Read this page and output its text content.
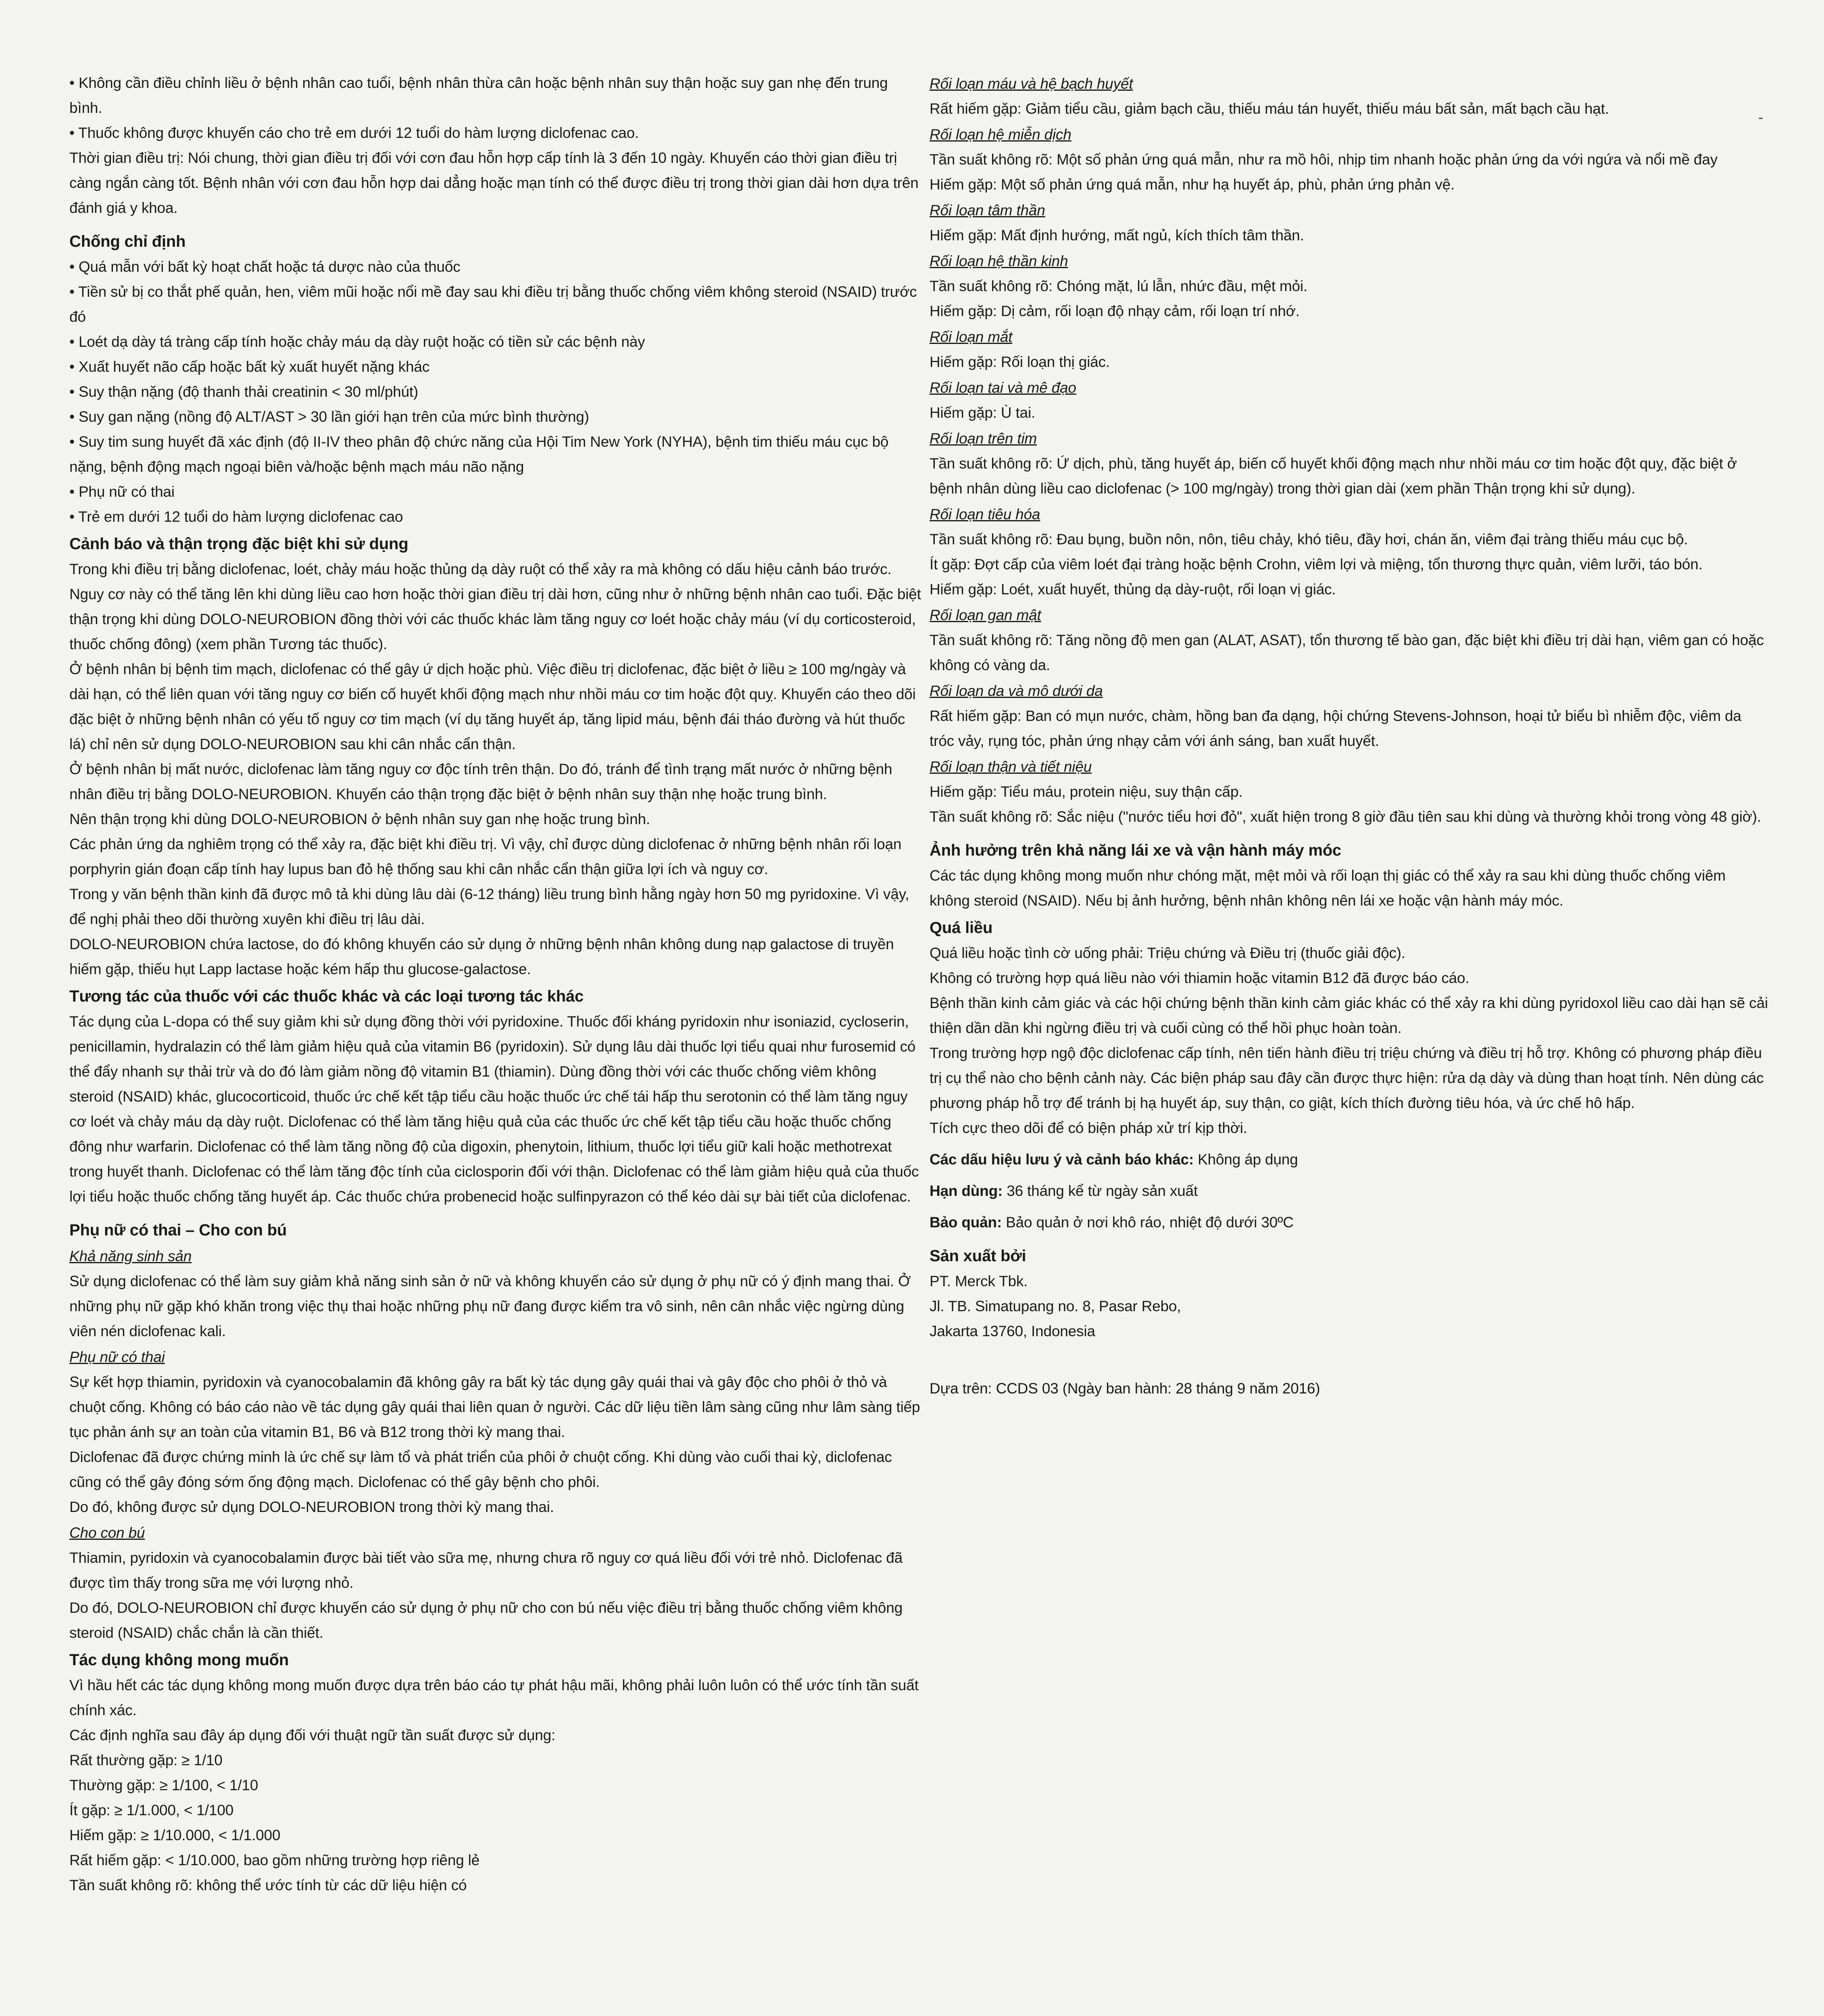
• Không cần điều chỉnh liều ở bệnh nhân cao tuổi, bệnh nhân thừa cân hoặc bệnh nhân suy thận hoặc suy gan nhẹ đến trung bình.

• Thuốc không được khuyến cáo cho trẻ em dưới 12 tuổi do hàm lượng diclofenac cao.

Thời gian điều trị: Nói chung, thời gian điều trị đối với cơn đau hỗn hợp cấp tính là 3 đến 10 ngày. Khuyến cáo thời gian điều trị càng ngắn càng tốt. Bệnh nhân với cơn đau hỗn hợp dai dẳng hoặc mạn tính có thể được điều trị trong thời gian dài hơn dựa trên đánh giá y khoa.

Chống chỉ định

• Quá mẫn với bất kỳ hoạt chất hoặc tá dược nào của thuốc

• Tiền sử bị co thắt phế quản, hen, viêm mũi hoặc nổi mề đay sau khi điều trị bằng thuốc chống viêm không steroid (NSAID) trước đó

• Loét dạ dày tá tràng cấp tính hoặc chảy máu dạ dày ruột hoặc có tiền sử các bệnh này

• Xuất huyết não cấp hoặc bất kỳ xuất huyết nặng khác

• Suy thận nặng (độ thanh thải creatinin < 30 ml/phút)

• Suy gan nặng (nồng độ ALT/AST > 30 lần giới hạn trên của mức bình thường)

• Suy tim sung huyết đã xác định (độ II-IV theo phân độ chức năng của Hội Tim New York (NYHA), bệnh tim thiếu máu cục bộ nặng, bệnh động mạch ngoại biên và/hoặc bệnh mạch máu não nặng

• Phụ nữ có thai

• Trẻ em dưới 12 tuổi do hàm lượng diclofenac cao

Cảnh báo và thận trọng đặc biệt khi sử dụng

Trong khi điều trị bằng diclofenac, loét, chảy máu hoặc thủng dạ dày ruột có thể xảy ra mà không có dấu hiệu cảnh báo trước. Nguy cơ này có thể tăng lên khi dùng liều cao hơn hoặc thời gian điều trị dài hơn, cũng như ở những bệnh nhân cao tuổi. Đặc biệt thận trọng khi dùng DOLO-NEUROBION đồng thời với các thuốc khác làm tăng nguy cơ loét hoặc chảy máu (ví dụ corticosteroid, thuốc chống đông) (xem phần Tương tác thuốc).

Ở bệnh nhân bị bệnh tim mạch, diclofenac có thể gây ứ dịch hoặc phù. Việc điều trị diclofenac, đặc biệt ở liều ≥ 100 mg/ngày và dài hạn, có thể liên quan với tăng nguy cơ biến cố huyết khối động mạch như nhồi máu cơ tim hoặc đột quỵ. Khuyến cáo theo dõi đặc biệt ở những bệnh nhân có yếu tố nguy cơ tim mạch (ví dụ tăng huyết áp, tăng lipid máu, bệnh đái tháo đường và hút thuốc lá) chỉ nên sử dụng DOLO-NEUROBION sau khi cân nhắc cẩn thận.

Ở bệnh nhân bị mất nước, diclofenac làm tăng nguy cơ độc tính trên thận. Do đó, tránh để tình trạng mất nước ở những bệnh nhân điều trị bằng DOLO-NEUROBION. Khuyến cáo thận trọng đặc biệt ở bệnh nhân suy thận nhẹ hoặc trung bình.

Nên thận trọng khi dùng DOLO-NEUROBION ở bệnh nhân suy gan nhẹ hoặc trung bình.

Các phản ứng da nghiêm trọng có thể xảy ra, đặc biệt khi điều trị. Vì vậy, chỉ được dùng diclofenac ở những bệnh nhân rối loạn porphyrin gián đoạn cấp tính hay lupus ban đỏ hệ thống sau khi cân nhắc cẩn thận giữa lợi ích và nguy cơ.

Trong y văn bệnh thần kinh đã được mô tả khi dùng lâu dài (6-12 tháng) liều trung bình hằng ngày hơn 50 mg pyridoxine. Vì vậy, để nghị phải theo dõi thường xuyên khi điều trị lâu dài.

DOLO-NEUROBION chứa lactose, do đó không khuyến cáo sử dụng ở những bệnh nhân không dung nạp galactose di truyền hiếm gặp, thiếu hụt Lapp lactase hoặc kém hấp thu glucose-galactose.

Tương tác của thuốc với các thuốc khác và các loại tương tác khác

Tác dụng của L-dopa có thể suy giảm khi sử dụng đồng thời với pyridoxine. Thuốc đối kháng pyridoxin như isoniazid, cycloserin, penicillamin, hydralazin có thể làm giảm hiệu quả của vitamin B6 (pyridoxin). Sử dụng lâu dài thuốc lợi tiểu quai như furosemid có thể đẩy nhanh sự thải trừ và do đó làm giảm nồng độ vitamin B1 (thiamin). Dùng đồng thời với các thuốc chống viêm không steroid (NSAID) khác, glucocorticoid, thuốc ức chế kết tập tiểu cầu hoặc thuốc ức chế tái hấp thu serotonin có thể làm tăng nguy cơ loét và chảy máu dạ dày ruột. Diclofenac có thể làm tăng hiệu quả của các thuốc ức chế kết tập tiểu cầu hoặc thuốc chống đông như warfarin. Diclofenac có thể làm tăng nồng độ của digoxin, phenytoin, lithium, thuốc lợi tiểu giữ kali hoặc methotrexat trong huyết thanh. Diclofenac có thể làm tăng độc tính của ciclosporin đối với thận. Diclofenac có thể làm giảm hiệu quả của thuốc lợi tiểu hoặc thuốc chống tăng huyết áp. Các thuốc chứa probenecid hoặc sulfinpyrazon có thể kéo dài sự bài tiết của diclofenac.

Phụ nữ có thai – Cho con bú

Khả năng sinh sản

Sử dụng diclofenac có thể làm suy giảm khả năng sinh sản ở nữ và không khuyến cáo sử dụng ở phụ nữ có ý định mang thai. Ở những phụ nữ gặp khó khăn trong việc thụ thai hoặc những phụ nữ đang được kiểm tra vô sinh, nên cân nhắc việc ngừng dùng viên nén diclofenac kali.

Phụ nữ có thai

Sự kết hợp thiamin, pyridoxin và cyanocobalamin đã không gây ra bất kỳ tác dụng gây quái thai và gây độc cho phôi ở thỏ và chuột cống. Không có báo cáo nào về tác dụng gây quái thai liên quan ở người. Các dữ liệu tiền lâm sàng cũng như lâm sàng tiếp tục phản ánh sự an toàn của vitamin B1, B6 và B12 trong thời kỳ mang thai.

Diclofenac đã được chứng minh là ức chế sự làm tổ và phát triển của phôi ở chuột cống. Khi dùng vào cuối thai kỳ, diclofenac cũng có thể gây đóng sớm ống động mạch. Diclofenac có thể gây bệnh cho phôi.

Do đó, không được sử dụng DOLO-NEUROBION trong thời kỳ mang thai.

Cho con bú

Thiamin, pyridoxin và cyanocobalamin được bài tiết vào sữa mẹ, nhưng chưa rõ nguy cơ quá liều đối với trẻ nhỏ. Diclofenac đã được tìm thấy trong sữa mẹ với lượng nhỏ.

Do đó, DOLO-NEUROBION chỉ được khuyến cáo sử dụng ở phụ nữ cho con bú nếu việc điều trị bằng thuốc chống viêm không steroid (NSAID) chắc chắn là cần thiết.

Tác dụng không mong muốn

Vì hầu hết các tác dụng không mong muốn được dựa trên báo cáo tự phát hậu mãi, không phải luôn luôn có thể ước tính tần suất chính xác.

Các định nghĩa sau đây áp dụng đối với thuật ngữ tần suất được sử dụng:

Rất thường gặp: ≥ 1/10

Thường gặp: ≥ 1/100, < 1/10

Ít gặp: ≥ 1/1.000, < 1/100

Hiếm gặp: ≥ 1/10.000, < 1/1.000

Rất hiếm gặp: < 1/10.000, bao gồm những trường hợp riêng lẻ

Tần suất không rõ: không thể ước tính từ các dữ liệu hiện có

Rối loạn máu và hệ bạch huyết

Rất hiếm gặp: Giảm tiểu cầu, giảm bạch cầu, thiếu máu tán huyết, thiếu máu bất sản, mất bạch cầu hạt.

Rối loạn hệ miễn dịch

Tần suất không rõ: Một số phản ứng quá mẫn, như ra mồ hôi, nhịp tim nhanh hoặc phản ứng da với ngứa và nổi mề đay

Hiếm gặp: Một số phản ứng quá mẫn, như hạ huyết áp, phù, phản ứng phản vệ.

Rối loạn tâm thần

Hiếm gặp: Mất định hướng, mất ngủ, kích thích tâm thần.

Rối loạn hệ thần kinh

Tần suất không rõ: Chóng mặt, lú lẫn, nhức đầu, mệt mỏi.

Hiếm gặp: Dị cảm, rối loạn độ nhạy cảm, rối loạn trí nhớ.

Rối loạn mắt

Hiếm gặp: Rối loạn thị giác.

Rối loạn tai và mê đạo

Hiếm gặp: Ù tai.

Rối loạn trên tim

Tần suất không rõ: Ứ dịch, phù, tăng huyết áp, biến cố huyết khối động mạch như nhồi máu cơ tim hoặc đột quỵ, đặc biệt ở bệnh nhân dùng liều cao diclofenac (> 100 mg/ngày) trong thời gian dài (xem phần Thận trọng khi sử dụng).

Rối loạn tiêu hóa

Tần suất không rõ: Đau bụng, buồn nôn, nôn, tiêu chảy, khó tiêu, đầy hơi, chán ăn, viêm đại tràng thiếu máu cục bộ.

Ít gặp: Đợt cấp của viêm loét đại tràng hoặc bệnh Crohn, viêm lợi và miệng, tổn thương thực quản, viêm lưỡi, táo bón.

Hiếm gặp: Loét, xuất huyết, thủng dạ dày-ruột, rối loạn vị giác.

Rối loạn gan mật

Tần suất không rõ: Tăng nồng độ men gan (ALAT, ASAT), tổn thương tế bào gan, đặc biệt khi điều trị dài hạn, viêm gan có hoặc không có vàng da.

Rối loạn da và mô dưới da

Rất hiếm gặp: Ban có mụn nước, chàm, hồng ban đa dạng, hội chứng Stevens-Johnson, hoại tử biểu bì nhiễm độc, viêm da tróc vảy, rụng tóc, phản ứng nhạy cảm với ánh sáng, ban xuất huyết.

Rối loạn thận và tiết niệu

Hiếm gặp: Tiểu máu, protein niệu, suy thận cấp.

Tần suất không rõ: Sắc niệu ("nước tiểu hơi đỏ", xuất hiện trong 8 giờ đầu tiên sau khi dùng và thường khỏi trong vòng 48 giờ).

Ảnh hưởng trên khả năng lái xe và vận hành máy móc

Các tác dụng không mong muốn như chóng mặt, mệt mỏi và rối loạn thị giác có thể xảy ra sau khi dùng thuốc chống viêm không steroid (NSAID). Nếu bị ảnh hưởng, bệnh nhân không nên lái xe hoặc vận hành máy móc.

Quá liều

Quá liều hoặc tình cờ uống phải: Triệu chứng và Điều trị (thuốc giải độc).

Không có trường hợp quá liều nào với thiamin hoặc vitamin B12 đã được báo cáo.

Bệnh thần kinh cảm giác và các hội chứng bệnh thần kinh cảm giác khác có thể xảy ra khi dùng pyridoxol liều cao dài hạn sẽ cải thiện dần dần khi ngừng điều trị và cuối cùng có thể hồi phục hoàn toàn.

Trong trường hợp ngộ độc diclofenac cấp tính, nên tiến hành điều trị triệu chứng và điều trị hỗ trợ. Không có phương pháp điều trị cụ thể nào cho bệnh cảnh này. Các biện pháp sau đây cần được thực hiện: rửa dạ dày và dùng than hoạt tính. Nên dùng các phương pháp hỗ trợ để tránh bị hạ huyết áp, suy thận, co giật, kích thích đường tiêu hóa, và ức chế hô hấp.

Tích cực theo dõi để có biện pháp xử trí kịp thời.

Các dấu hiệu lưu ý và cảnh báo khác: Không áp dụng

Hạn dùng: 36 tháng kể từ ngày sản xuất

Bảo quản: Bảo quản ở nơi khô ráo, nhiệt độ dưới 30ºC

Sản xuất bởi

PT. Merck Tbk.

Jl. TB. Simatupang no. 8, Pasar Rebo,

Jakarta 13760, Indonesia

Dựa trên: CCDS 03 (Ngày ban hành: 28 tháng 9 năm 2016)

-
